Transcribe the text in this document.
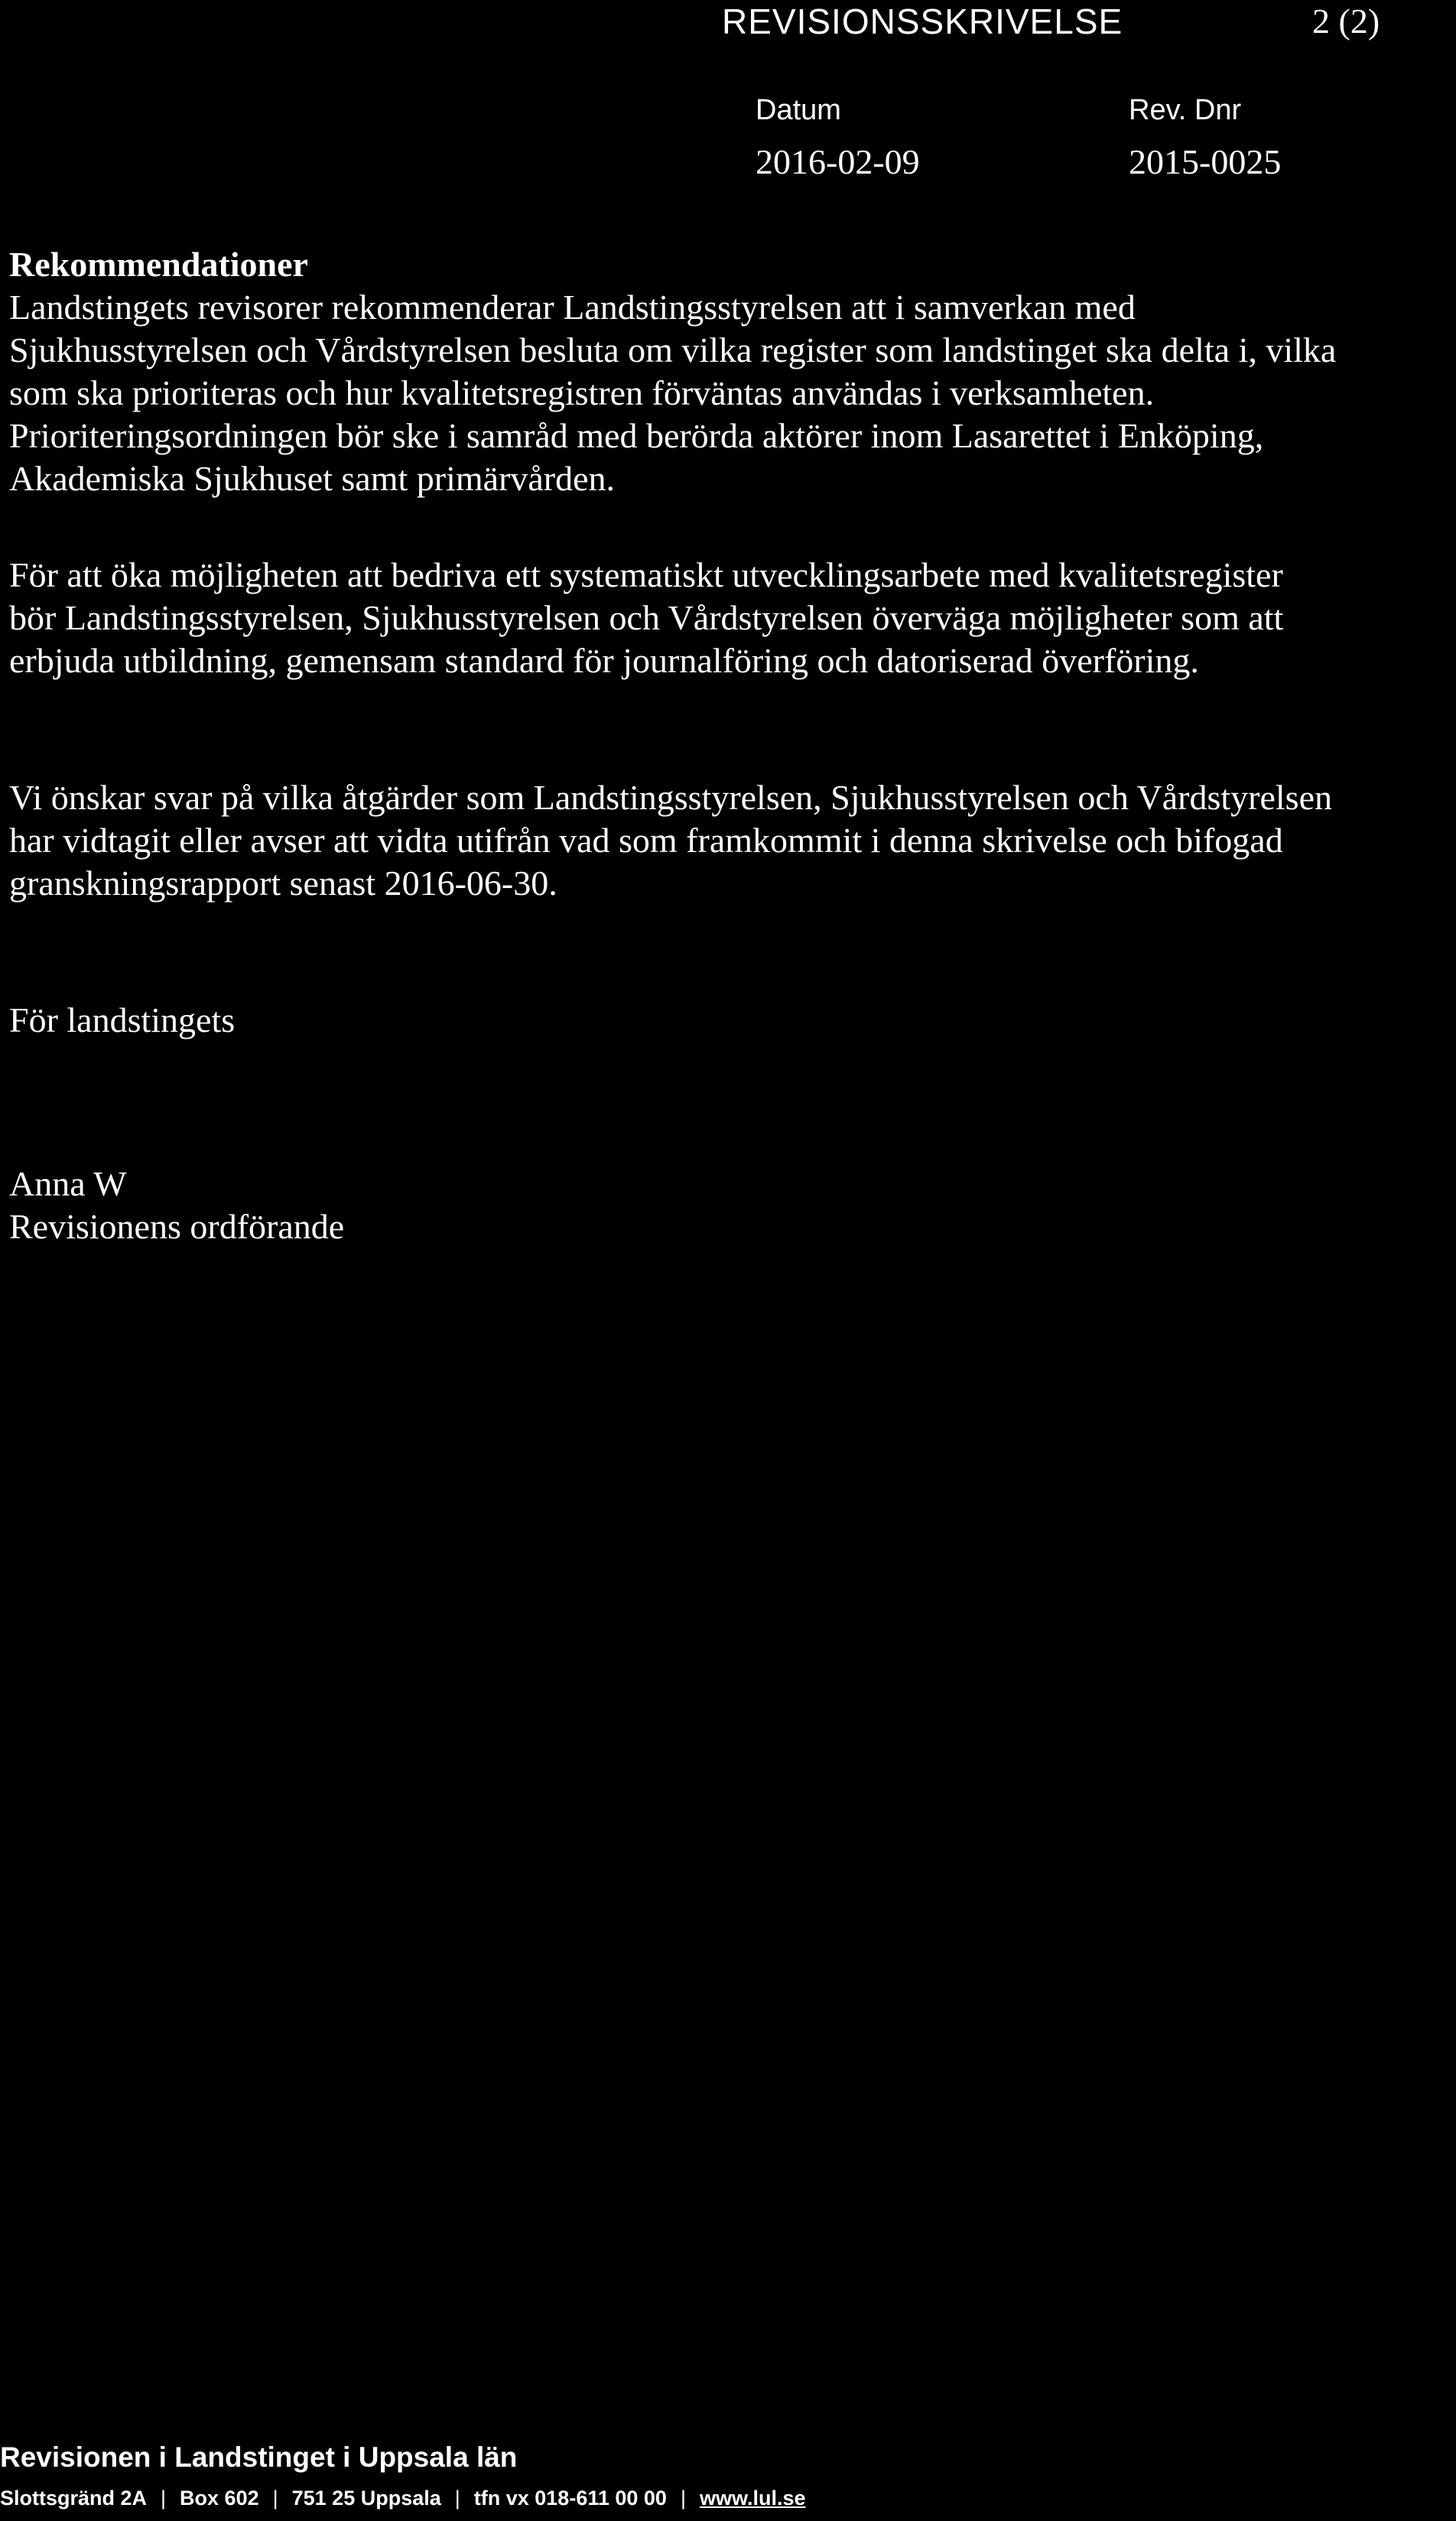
REVISIONSSKRIVELSE	2 (2)
Datum
2016-02-09
Rev. Dnr
2015-0025
Rekommendationer
Landstingets revisorer rekommenderar Landstingsstyrelsen att i samverkan med
Sjukhusstyrelsen och Vårdstyrelsen besluta om vilka register som landstinget ska delta i, vilka
som ska prioriteras och hur kvalitetsregistren förväntas användas i verksamheten.
Prioriteringsordningen bör ske i samråd med berörda aktörer inom Lasarettet i Enköping,
Akademiska Sjukhuset samt primärvården.
För att öka möjligheten att bedriva ett systematiskt utvecklingsarbete med kvalitetsregister
bör Landstingsstyrelsen, Sjukhusstyrelsen och Vårdstyrelsen överväga möjligheter som att
erbjuda utbildning, gemensam standard för journalföring och datoriserad överföring.
Vi önskar svar på vilka åtgärder som Landstingsstyrelsen, Sjukhusstyrelsen och Vårdstyrelsen
har vidtagit eller avser att vidta utifrån vad som framkommit i denna skrivelse och bifogad
granskningsrapport senast 2016-06-30.
För landstingets
Anna W
Revisionens ordförande
Revisionen i Landstinget i Uppsala län
Slottsgränd 2A | Box 602 | 751 25 Uppsala | tfn vx 018-611 00 00 | www.lul.se
